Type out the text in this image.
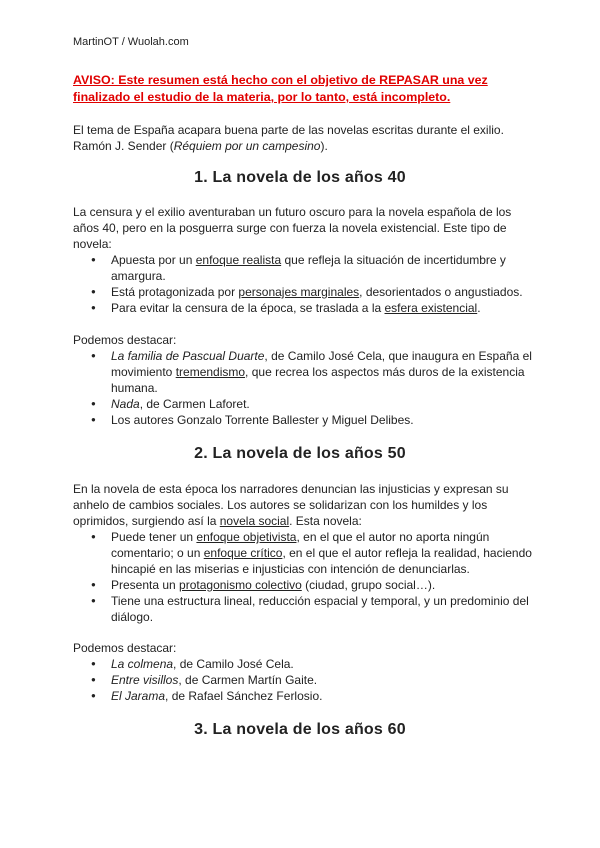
MartinOT / Wuolah.com
AVISO: Este resumen está hecho con el objetivo de REPASAR una vez finalizado el estudio de la materia, por lo tanto, está incompleto.
El tema de España acapara buena parte de las novelas escritas durante el exilio. Ramón J. Sender (Réquiem por un campesino).
1. La novela de los años 40
La censura y el exilio aventuraban un futuro oscuro para la novela española de los años 40, pero en la posguerra surge con fuerza la novela existencial. Este tipo de novela:
● Apuesta por un enfoque realista que refleja la situación de incertidumbre y amargura.
● Está protagonizada por personajes marginales, desorientados o angustiados.
● Para evitar la censura de la época, se traslada a la esfera existencial.
Podemos destacar:
● La familia de Pascual Duarte, de Camilo José Cela, que inaugura en España el movimiento tremendismo, que recrea los aspectos más duros de la existencia humana.
● Nada, de Carmen Laforet.
● Los autores Gonzalo Torrente Ballester y Miguel Delibes.
2. La novela de los años 50
En la novela de esta época los narradores denuncian las injusticias y expresan su anhelo de cambios sociales. Los autores se solidarizan con los humildes y los oprimidos, surgiendo así la novela social. Esta novela:
● Puede tener un enfoque objetivista, en el que el autor no aporta ningún comentario; o un enfoque crítico, en el que el autor refleja la realidad, haciendo hincapié en las miserias e injusticias con intención de denunciarlas.
● Presenta un protagonismo colectivo (ciudad, grupo social…).
● Tiene una estructura lineal, reducción espacial y temporal, y un predominio del diálogo.
Podemos destacar:
● La colmena, de Camilo José Cela.
● Entre visillos, de Carmen Martín Gaite.
● El Jarama, de Rafael Sánchez Ferlosio.
3. La novela de los años 60
